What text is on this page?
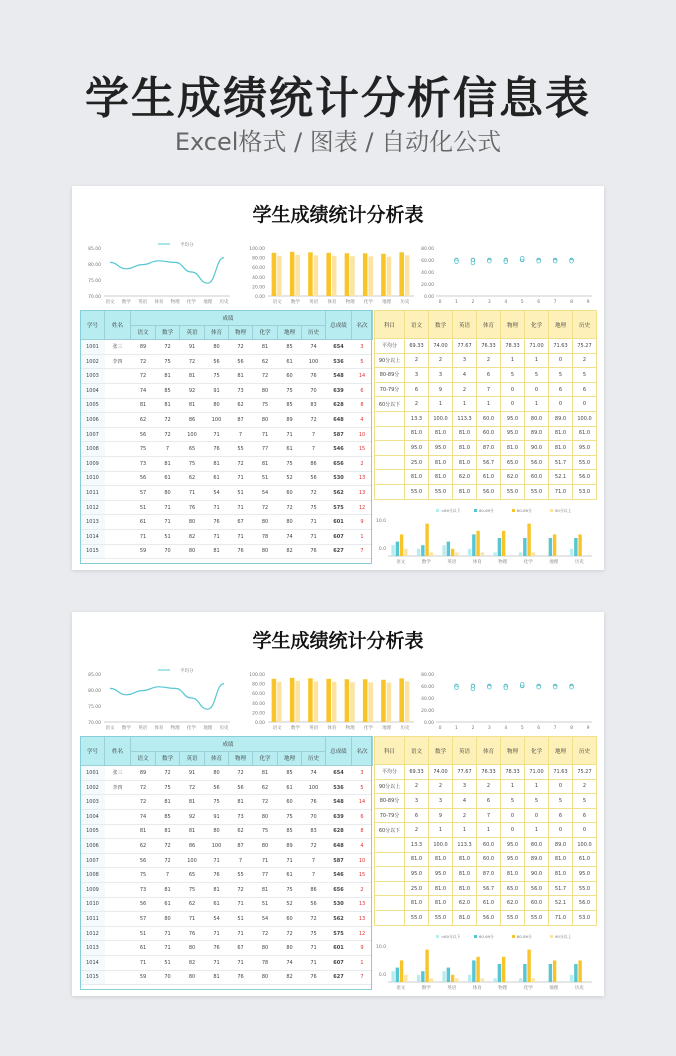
学生成绩统计分析信息表
Excel格式 / 图表 / 自动化公式
学生成绩统计分析表
平均分
85.00
80.00
75.00
70.00
语文 数学 英语 体育 物理 化学 地理 历史
100.00
80.00
60.00
40.00
20.00
0.00
语文 数学 英语 体育 物理 化学 地理 历史
80.00
60.00
40.00
20.00
0.00
0	1	2	3	4	5	6	7	8	9
学号	姓名	成绩								总成绩	名次
		语文	数学	英语	体育	物理	化学	地理	历史		
1001	张三	89	72	91	80	72	81	85	74	654	3
1002	李四	72	75	72	56	56	62	61	100	536	5
1003		72	81	81	75	81	72	60	76	548	14
1004		74	85	92	91	73	80	75	70	639	6
1005		81	81	81	80	62	75	85	83	628	8
1006		62	72	86	100	87	80	89	72	648	4
1007		56	72	100	71	7	71	71	7	587	10
1008		75	7	65	76	55	77	61	7	546	15
1009		73	81	75	81	72	81	75	86	656	2
1010		56	61	62	61	71	51	52	56	530	13
1011		57	80	71	54	51	54	60	72	562	13
1012		51	71	76	71	71	72	72	75	575	12
1013		61	71	80	76	67	80	80	71	601	9
1014		71	51	82	71	71	78	74	71	607	1
1015		59	70	80	81	76	80	82	76	627	7
科目	语文	数学	英语	体育	物理	化学	地理	历史
平均分	69.33	74.00	77.67	76.33	78.33	71.00	71.63	75.27
90分以上	2	2	3	2	1	1	0	2
80-89分	3	3	4	6	5	5	5	5
70-79分	6	9	2	7	0	0	6	6
60分以下	2	1	1	1	0	1	0	0
	13.3	100.0	113.3	60.0	95.0	80.0	89.0	100.0
	81.0	81.0	81.0	60.0	95.0	89.0	81.0	61.0
	95.0	95.0	81.0	87.0	81.0	90.0	81.0	95.0
	25.0	81.0	81.0	56.7	65.0	56.0	51.7	55.0
	81.0	81.0	62.0	61.0	62.0	60.0	52.1	56.0
	55.0	55.0	81.0	56.0	55.0	55.0	71.0	53.0
<60分以下	60-69分	80-89分	90分以上
10.0
0.0
语文	数学	英语	体育	物理	化学	地理	历史
学生成绩统计分析表
平均分
85.00
80.00
75.00
70.00
语文 数学 英语 体育 物理 化学 地理 历史
100.00
80.00
60.00
40.00
20.00
0.00
语文 数学 英语 体育 物理 化学 地理 历史
80.00
60.00
40.00
20.00
0.00
0	1	2	3	4	5	6	7	8	9
学号	姓名	成绩								总成绩	名次
		语文	数学	英语	体育	物理	化学	地理	历史		
1001	张三	89	72	91	80	72	81	85	74	654	3
1002	李四	72	75	72	56	56	62	61	100	536	5
1003		72	81	81	75	81	72	60	76	548	14
1004		74	85	92	91	73	80	75	70	639	6
1005		81	81	81	80	62	75	85	83	628	8
1006		62	72	86	100	87	80	89	72	648	4
1007		56	72	100	71	7	71	71	7	587	10
1008		75	7	65	76	55	77	61	7	546	15
1009		73	81	75	81	72	81	75	86	656	2
1010		56	61	62	61	71	51	52	56	530	13
1011		57	80	71	54	51	54	60	72	562	13
1012		51	71	76	71	71	72	72	75	575	12
1013		61	71	80	76	67	80	80	71	601	9
1014		71	51	82	71	71	78	74	71	607	1
1015		59	70	80	81	76	80	82	76	627	7
科目	语文	数学	英语	体育	物理	化学	地理	历史
平均分	69.33	74.00	77.67	76.33	78.33	71.00	71.63	75.27
90分以上	2	2	3	2	1	1	0	2
80-89分	3	3	4	6	5	5	5	5
70-79分	6	9	2	7	0	0	6	6
60分以下	2	1	1	1	0	1	0	0
	13.3	100.0	113.3	60.0	95.0	80.0	89.0	100.0
	81.0	81.0	81.0	60.0	95.0	89.0	81.0	61.0
	95.0	95.0	81.0	87.0	81.0	90.0	81.0	95.0
	25.0	81.0	81.0	56.7	65.0	56.0	51.7	55.0
	81.0	81.0	62.0	61.0	62.0	60.0	52.1	56.0
	55.0	55.0	81.0	56.0	55.0	55.0	71.0	53.0
<60分以下	60-69分	80-89分	90分以上
10.0
0.0
语文	数学	英语	体育	物理	化学	地理	历史
